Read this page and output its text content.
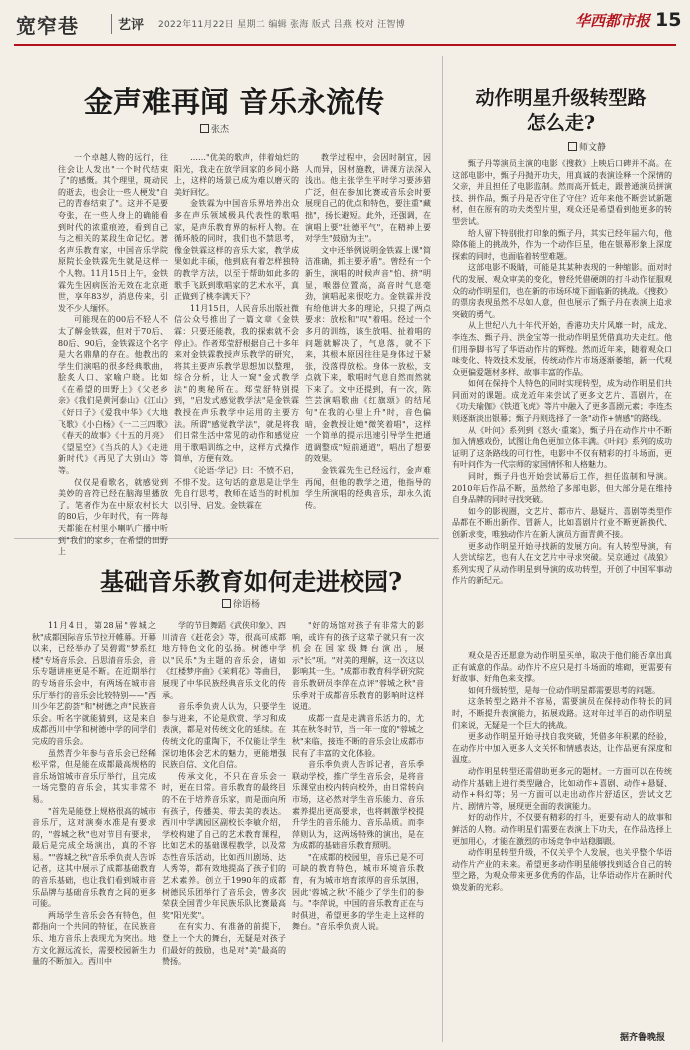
宽窄巷	艺评 2022年11月22日 星期二 编辑 张海 版式 吕燕 校对 汪智博	华西都市报 15
金声难再闻 音乐永流传
张杰

一个卓越人物的远行，往往会让人发出"一个时代结束了"的感慨。其个理里，斑动民的逝去，也会让一些人梗发"自己的青春结束了"。这并不是要夸张，在一些人身上的确能看到时代的浓重痕迹，看到自己与之相关的某段生命记忆。著名声乐教育家，中国音乐学院原院长金铁霖先生就是这样一个人物。11月15日上午，金铁霖先生因病医治无效在北京逝世，享年83岁，消息传来，引发不少人缅怀。

可能现在的00后不轻人不太了解金铁霖，但对于70后、80后、90后，金铁霖这个名字是大名鼎鼎的存在。他教出的学生们演唱的很多经典歌曲，脍炙人口、家喻户晓。比如《在希望的田野上》《父老乡亲》《我们是黄河泰山》《江山》《好日子》《爱我中华》《大地飞歌》《小白杨》《一二三四歌》《春天的故事》《十五的月亮》《望星空》《当兵的人》《走进新时代》《再见了大别山》等等。

仅仅是看歌名，就感觉到美妙的音符已经在脑海里播放了。笔者作为在中原农村长大的80后，少年时代，有一阵每天都能在村里小喇叭广播中听到"我们的家乡，在希望的田野上

……"优美的歌声，伴着灿烂的阳光，我走在放学回家的乡间小路上，这样的场景已成为难以磨灭的美好回忆。

金铁霖为中国音乐界培养出众多在声乐领域极具代表性的歌唱家，是声乐教育界的标杆人物。在循环般的同时，我们也不禁思考，像金铁霖这样的音乐大家，教学成果如此丰硕，他到底有着怎样独特的教学方法，以至于帮助如此多的歌手飞跃到歌唱家的艺术水平，真正做到了桃李满天下？

11月15日，人民音乐出版社微信公众号推出了一篇文章《金铁霖：只要还能教，我的探索就不会停止》。作者郑莹舒根据自己十多年来对金铁霖教授声乐教学的研究，将其主要声乐教学思想加以整理，综合分析，让人一窥"金式教学法"的奥秘所在。郑莹舒特别提到，"启发式感觉教学法"是金铁霖教授在声乐教学中运用的主要方法。所谓"感觉教学法"，就是将我们日常生活中常见的动作和感觉应用于歌唱训练之中，这样方式操作简单，方便有效。

《论语·学记》曰：不愤不启，不悱不发。这句话的意思是让学生先自行思考，教师在适当的时机加以引导、启发。金铁霖在

教学过程中，会因时制宜，因人而异，因材施教，讲课方法深入浅出。他主张学生平时学习要涉猎广泛，但在参加比赛或音乐会时要展现自己的优点和特色，要注重"藏拙"，扬长避短。此外，还强调，在演唱上要"壮德平气"，在精神上要对学生"鼓励为主"。

文中还举例说明金铁霖上课"简洁准确，抓主要矛盾"。曾经有一个新生，演唱的时候声音"怕、挤"明显，喉器位置高，高音时气息毫劲，演唱起来很吃力。金铁霖并没有给他讲大多的理论，只提了两点要求：放松和"叹"着唱。经过一个多月的训练，该生放唱、扯着唱的问题就解决了，气息落，就不下来，其根本原因往往是身体过于紧张，没落得放松。身体一放松，支点就下来，歌唱时气息自然而然就下来了。文中还提到，有一次，陈竺芸演唱歌曲《红旗颂》的结尾句"在我的心里上升"时，音色偏暗，金教授让她"微笑着唱"，这样一个简单的提示迅速引导学生把通道调整成"短前通道"，唱出了想要的效果。

金铁霖先生已经远行，金声难再闻，但他的教学之道，他指导的学生所演唱的经典音乐，却永久流传。

基础音乐教育如何走进校园?
徐语杨

11月4日，第28届"蓉城之秋"成都国际音乐节拉开帷幕。开幕以来，已经举办了吴碧霞"梦系红楼"专场音乐会、吕思清音乐会，音乐专题讲座更是不断。在近期举行的专场音乐会中，有两场在城市音乐厅举行的音乐会比较特别——"西川少年艺韵荟"和"树德之声"民族音乐会。听名字就能猜到，这是来自成都西川中学和树德中学的同学们完成的音乐会。

虽然青少年参与音乐会已经稀松平常，但是能在成都最高规格的音乐场馆城市音乐厅举行，且完成一场完整的音乐会，其实非常不易。

"首先是能登上规格很高的城市音乐厅，这对演奏水准是有要求的，"蓉城之秋"也对节目有要求，最后是完成全场演出，真的不容易。""蓉城之秋"音乐季负责人告诉记者，这其中展示了成都基础教育的音乐基础，也让我们看到城市音乐品牌与基础音乐教育之间的更多可能。

两场学生音乐会各有特色，但都指向一个共同的特征，在民族音乐、地方音乐上表现尤为突出。地方文化源远流长，需要校园新生力量的不断加入。西川中

学的节目舞蹈《武侠印象》、四川清音《赶花会》等，很高可成都地方特色文化的弘扬。树德中学以"民乐"为主题的音乐会，诸如《红楼梦序曲》《茉莉花》等曲目，展现了中华民族经典音乐文化的传承。

音乐季负责人认为，只要学生参与进来，不论是欣赏、学习和成表演，都是对传统文化的延续。在传统文化的重陶下，不仅能让学生深切地体会艺术的魅力，更能增强民族自信、文化自信。

传承文化，不只在音乐会一时，更在日常。音乐教育的最终目的不在于培养音乐家，而是面向所有孩子，传播美、带去美的表达。西川中学满园区副校长李敏介绍，学校构建了自己的艺术教育课程，比如艺术的基础课程教学，以及常态性音乐活动，比如西川剧场、达人秀等，都有效地提高了孩子们的艺术素养。创立于1990年的成都树德民乐团举行了音乐会，曾多次荣获全国青少年民族乐队比赛最高奖"阳光奖"。

在有实力、有准备的前提下，登上一个大的舞台，无疑是对孩子们最好的鼓励，也是对"美"最高的赞扬。

"好的场馆对孩子有非常大的影响，或许有的孩子这辈子就只有一次机会在国家级舞台演出，展示"长"项。"对美的理解，这一次这以影响其一生。"成都市教育科学研究院音乐教研员李萍在点评"蓉城之秋"音乐季对于成都音乐教育的影响时这样说道。

成都一直是走满音乐活力的，尤其在秋冬时节，当一年一度的"蓉城之秋"来临，接连不断的音乐会让成都市民有了丰富的文化体验。

音乐季负责人告诉记者，音乐季联动学校，推广学生音乐会，是将音乐课堂由校内转向校外，由日常转向市场，这必然对学生音乐能力、音乐素养提出更高要求，也将刺激学校提升学生的音乐能力、音乐品质。而李萍则认为，这两场特殊的演出，是在为成都的基础音乐教育照明。

"在成都的校园里，音乐已是不可可缺的教育特色，城市环境音乐教育，有为城市培育浓厚的音乐氛围，因此'蓉城之秋'不能少了学生们的参与。"李萍说，中国的音乐教育正在与时俱进，希望更多的学生走上这样的舞台。"音乐季负责人说。

动作明星升级转型路
怎么走?
师文静

甄子丹等演员主演的电影《搜救》上映后口碑并不高。在这部电影中，甄子丹抛开功夫，用真诚的表演诠释一个深情的父亲，并且担任了电影监制。然而高开低走，跟普通演员拼演技、拼作品，甄子丹是否守住了守住？近年来他不断尝试新题材，但在原有的功夫类型片里，观众还是希望看到他更多的转型尝试。

给人留下特别批打印象的甄子丹，其实已经年届六旬，他除体能上的挑战外，作为一个动作巨星，他在银幕形象上深度探索的同时，也面临着转型难题。

这部电影不吸睛，可能是其某种表现的一种缩影。面对时代的发展、观众审美的变化，曾经凭借硬朗的打斗动作征服观众的动作明星们，也在新的市场环境下面临新的挑战。《搜救》的票房表现虽然不尽如人意，但也展示了甄子丹在表演上追求突破的勇气。

从上世纪八九十年代开始，香港功夫片风靡一时，成龙、李连杰、甄子丹、洪金宝等一批动作明星凭借真功夫走红。他们用拳脚书写了华语动作片的辉煌。然而近年来，随着观众口味变化、特效技术发展，传统动作片市场逐渐萎缩，新一代观众更偏爱题材多样、故事丰富的作品。

如何在保持个人特色的同时实现转型，成为动作明星们共同面对的课题。成龙近年来尝试了更多文艺片、喜剧片，在《功夫瑜伽》《铁道飞虎》等片中融入了更多喜剧元素；李连杰则逐渐淡出银幕；甄子丹则选择了一条"动作+情感"的路线。

从《叶问》系列到《怒火·重案》，甄子丹在动作片中不断加入情感戏份，试图让角色更加立体丰满。《叶问》系列的成功证明了这条路线的可行性，电影中不仅有精彩的打斗场面，更有叶问作为一代宗师的家国情怀和人格魅力。

同时，甄子丹也开始尝试幕后工作，担任监制和导演。2010年后作品不断，虽然给了多部电影，但大部分是在维持自身品牌的同时寻找突破。

如今的影视圈，文艺片、都市片、悬疑片、喜剧等类型作品都在不断出新作、冒新人，比如喜剧片行业不断更新换代、创新求变，唯独动作片在新人演员方面青黄不接。

更多动作明星开始寻找新的发展方向。有人转型导演，有人尝试综艺，也有人在文艺片中寻求突破。吴京通过《战狼》系列实现了从动作明星到导演的成功转型，开创了中国军事动作片的新纪元。

观众是否还愿意为动作明星买单，取决于他们能否拿出真正有诚意的作品。动作片不应只是打斗场面的堆砌，更需要有好故事、好角色来支撑。

如何升级转型，是每一位动作明星都需要思考的问题。

这条转型之路并不容易，需要演员在保持动作特长的同时，不断提升表演能力，拓展戏路。这对年过半百的动作明星们来说，无疑是一个巨大的挑战。

更多动作明星开始寻找自我突破，凭借多年积累的经验，在动作片中加入更多人文关怀和情感表达，让作品更有深度和温度。

动作明星转型还需借助更多元的题材。一方面可以在传统动作片基础上进行类型融合，比如动作+喜剧、动作+悬疑、动作+科幻等；另一方面可以走出动作片舒适区，尝试文艺片、剧情片等，展现更全面的表演能力。

好的动作片，不仅要有精彩的打斗，更要有动人的故事和鲜活的人物。动作明星们需要在表演上下功夫，在作品选择上更加用心，才能在激烈的市场竞争中站稳脚跟。

动作明星转型升级，不仅关乎个人发展，也关乎整个华语动作片产业的未来。希望更多动作明星能够找到适合自己的转型之路，为观众带来更多优秀的作品，让华语动作片在新时代焕发新的光彩。

据齐鲁晚报
